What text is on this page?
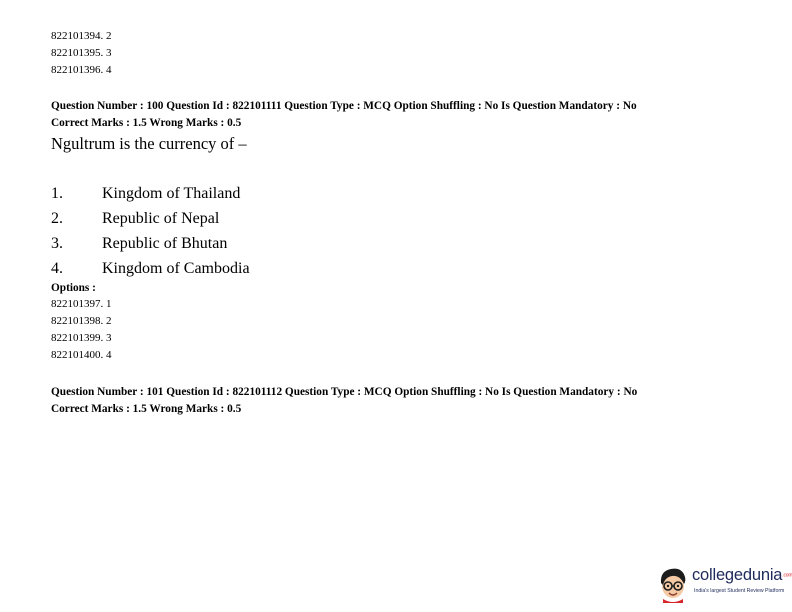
822101394. 2
822101395. 3
822101396. 4
Question Number : 100 Question Id : 822101111 Question Type : MCQ Option Shuffling : No Is Question Mandatory : No
Correct Marks : 1.5 Wrong Marks : 0.5
Ngultrum is the currency of –
1. Kingdom of Thailand
2. Republic of Nepal
3. Republic of Bhutan
4. Kingdom of Cambodia
Options :
822101397. 1
822101398. 2
822101399. 3
822101400. 4
Question Number : 101 Question Id : 822101112 Question Type : MCQ Option Shuffling : No Is Question Mandatory : No
Correct Marks : 1.5 Wrong Marks : 0.5
collegedunia.com
India's largest Student Review Platform
